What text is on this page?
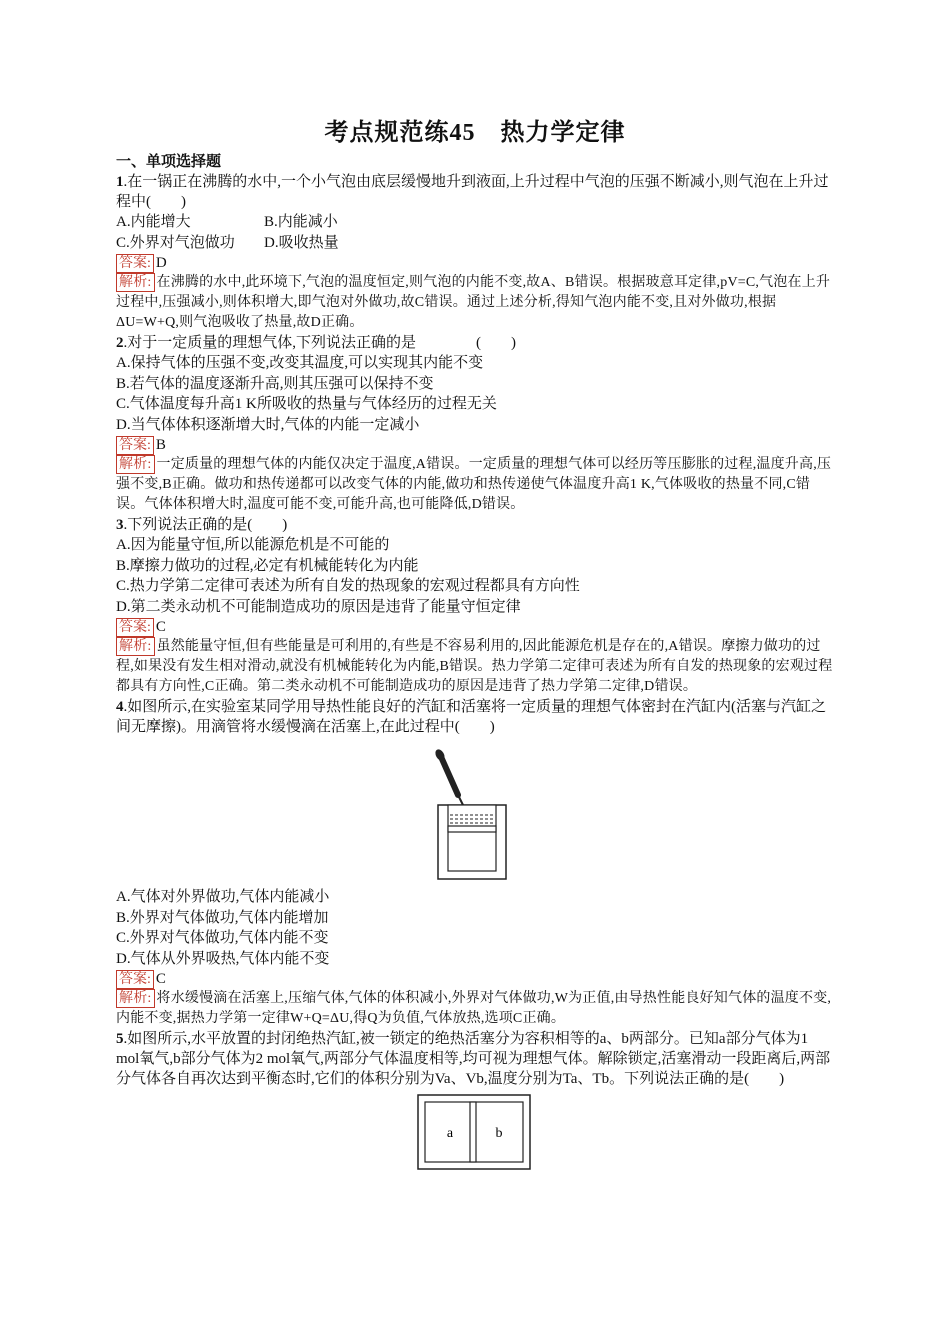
考点规范练45　热力学定律

一、单项选择题

1.在一锅正在沸腾的水中,一个小气泡由底层缓慢地升到液面,上升过程中气泡的压强不断减小,则气泡在上升过程中(　　)

A.内能增大	B.内能减小

C.外界对气泡做功 D.吸收热量

答案: D

解析: 在沸腾的水中,此环境下,气泡的温度恒定,则气泡的内能不变,故A、B错误。根据玻意耳定律,pV=C,气泡在上升过程中,压强减小,则体积增大,即气泡对外做功,故C错误。通过上述分析,得知气泡内能不变,且对外做功,根据ΔU=W+Q,则气泡吸收了热量,故D正确。

2.对于一定质量的理想气体,下列说法正确的是　　　　(　　)

A.保持气体的压强不变,改变其温度,可以实现其内能不变

B.若气体的温度逐渐升高,则其压强可以保持不变

C.气体温度每升高1 K所吸收的热量与气体经历的过程无关

D.当气体体积逐渐增大时,气体的内能一定减小

答案: B

解析: 一定质量的理想气体的内能仅决定于温度,A错误。一定质量的理想气体可以经历等压膨胀的过程,温度升高,压强不变,B正确。做功和热传递都可以改变气体的内能,做功和热传递使气体温度升高1 K,气体吸收的热量不同,C错误。气体体积增大时,温度可能不变,可能升高,也可能降低,D错误。

3.下列说法正确的是(　　)

A.因为能量守恒,所以能源危机是不可能的

B.摩擦力做功的过程,必定有机械能转化为内能

C.热力学第二定律可表述为所有自发的热现象的宏观过程都具有方向性

D.第二类永动机不可能制造成功的原因是违背了能量守恒定律

答案: C

解析: 虽然能量守恒,但有些能量是可利用的,有些是不容易利用的,因此能源危机是存在的,A错误。摩擦力做功的过程,如果没有发生相对滑动,就没有机械能转化为内能,B错误。热力学第二定律可表述为所有自发的热现象的宏观过程都具有方向性,C正确。第二类永动机不可能制造成功的原因是违背了热力学第二定律,D错误。

4.如图所示,在实验室某同学用导热性能良好的汽缸和活塞将一定质量的理想气体密封在汽缸内(活塞与汽缸之间无摩擦)。用滴管将水缓慢滴在活塞上,在此过程中(　　)

A.气体对外界做功,气体内能减小

B.外界对气体做功,气体内能增加

C.外界对气体做功,气体内能不变

D.气体从外界吸热,气体内能不变

答案: C

解析: 将水缓慢滴在活塞上,压缩气体,气体的体积减小,外界对气体做功,W为正值,由导热性能良好知气体的温度不变,内能不变,据热力学第一定律W+Q=ΔU,得Q为负值,气体放热,选项C正确。

5.如图所示,水平放置的封闭绝热汽缸,被一锁定的绝热活塞分为容积相等的a、b两部分。已知a部分气体为1 mol氧气,b部分气体为2 mol氧气,两部分气体温度相等,均可视为理想气体。解除锁定,活塞滑动一段距离后,两部分气体各自再次达到平衡态时,它们的体积分别为Va、Vb,温度分别为Ta、Tb。下列说法正确的是(　　)

a	b
